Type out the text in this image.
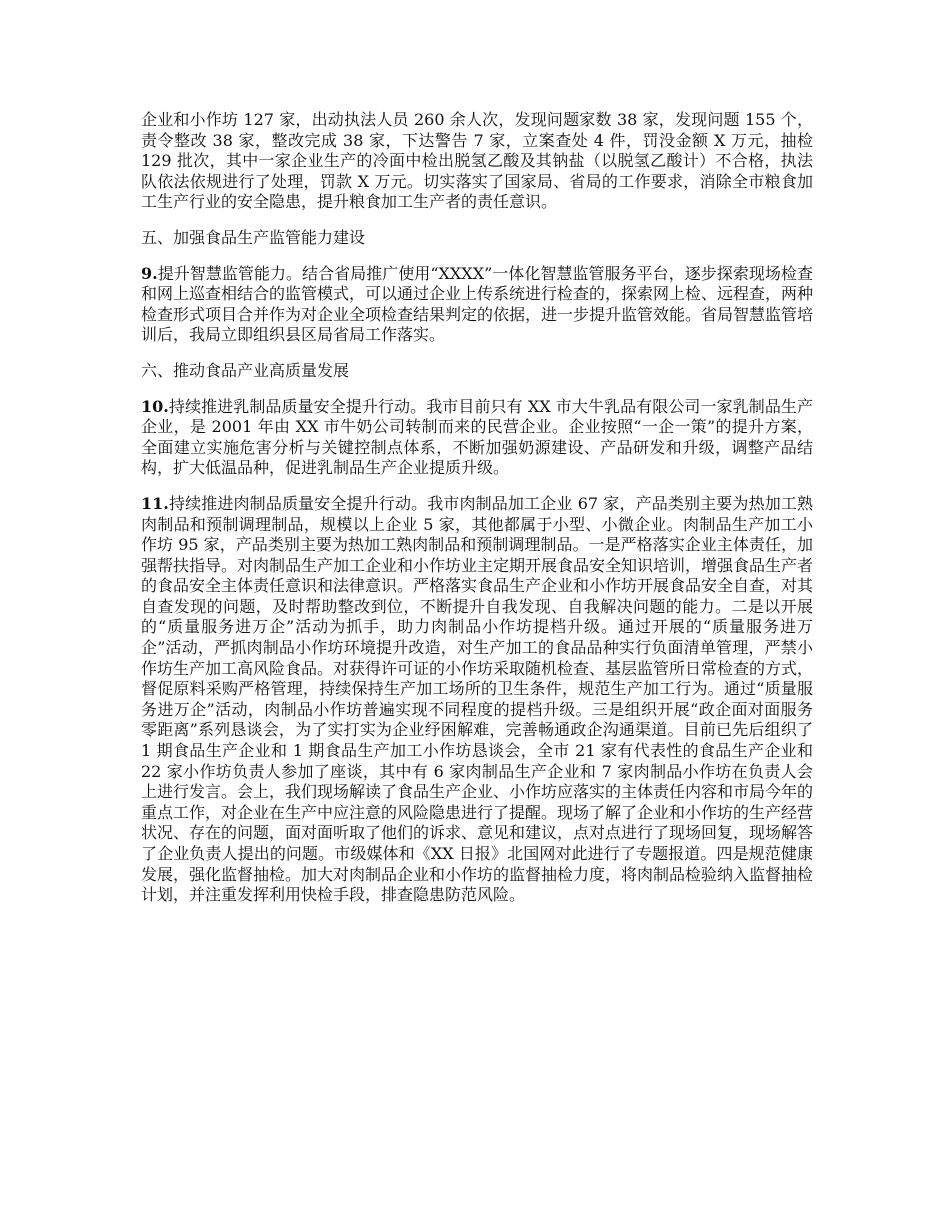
企业和小作坊 127 家，出动执法人员 260 余人次，发现问题家数 38 家，发现问题 155 个，责令整改 38 家，整改完成 38 家，下达警告 7 家，立案查处 4 件，罚没金额 X 万元，抽检 129 批次，其中一家企业生产的冷面中检出脱氢乙酸及其钠盐（以脱氢乙酸计）不合格，执法队依法依规进行了处理，罚款 X 万元。切实落实了国家局、省局的工作要求，消除全市粮食加工生产行业的安全隐患，提升粮食加工生产者的责任意识。

五、加强食品生产监管能力建设

9.提升智慧监管能力。结合省局推广使用“XXXX”一体化智慧监管服务平台，逐步探索现场检查和网上巡查相结合的监管模式，可以通过企业上传系统进行检查的，探索网上检、远程查，两种检查形式项目合并作为对企业全项检查结果判定的依据，进一步提升监管效能。省局智慧监管培训后，我局立即组织县区局省局工作落实。

六、推动食品产业高质量发展

10.持续推进乳制品质量安全提升行动。我市目前只有 XX 市大牛乳品有限公司一家乳制品生产企业，是 2001 年由 XX 市牛奶公司转制而来的民营企业。企业按照“一企一策”的提升方案，全面建立实施危害分析与关键控制点体系，不断加强奶源建设、产品研发和升级，调整产品结构，扩大低温品种，促进乳制品生产企业提质升级。

11.持续推进肉制品质量安全提升行动。我市肉制品加工企业 67 家，产品类别主要为热加工熟肉制品和预制调理制品，规模以上企业 5 家，其他都属于小型、小微企业。肉制品生产加工小作坊 95 家，产品类别主要为热加工熟肉制品和预制调理制品。一是严格落实企业主体责任，加强帮扶指导。对肉制品生产加工企业和小作坊业主定期开展食品安全知识培训，增强食品生产者的食品安全主体责任意识和法律意识。严格落实食品生产企业和小作坊开展食品安全自查，对其自查发现的问题，及时帮助整改到位，不断提升自我发现、自我解决问题的能力。二是以开展的“质量服务进万企”活动为抓手，助力肉制品小作坊提档升级。通过开展的“质量服务进万企”活动，严抓肉制品小作坊环境提升改造，对生产加工的食品品种实行负面清单管理，严禁小作坊生产加工高风险食品。对获得许可证的小作坊采取随机检查、基层监管所日常检查的方式，督促原料采购严格管理，持续保持生产加工场所的卫生条件，规范生产加工行为。通过“质量服务进万企”活动，肉制品小作坊普遍实现不同程度的提档升级。三是组织开展“政企面对面服务零距离”系列恳谈会，为了实打实为企业纾困解难，完善畅通政企沟通渠道。目前已先后组织了 1 期食品生产企业和 1 期食品生产加工小作坊恳谈会，全市 21 家有代表性的食品生产企业和 22 家小作坊负责人参加了座谈，其中有 6 家肉制品生产企业和 7 家肉制品小作坊在负责人会上进行发言。会上，我们现场解读了食品生产企业、小作坊应落实的主体责任内容和市局今年的重点工作，对企业在生产中应注意的风险隐患进行了提醒。现场了解了企业和小作坊的生产经营状况、存在的问题，面对面听取了他们的诉求、意见和建议，点对点进行了现场回复，现场解答了企业负责人提出的问题。市级媒体和《XX 日报》北国网对此进行了专题报道。四是规范健康发展，强化监督抽检。加大对肉制品企业和小作坊的监督抽检力度，将肉制品检验纳入监督抽检计划，并注重发挥利用快检手段，排查隐患防范风险。
